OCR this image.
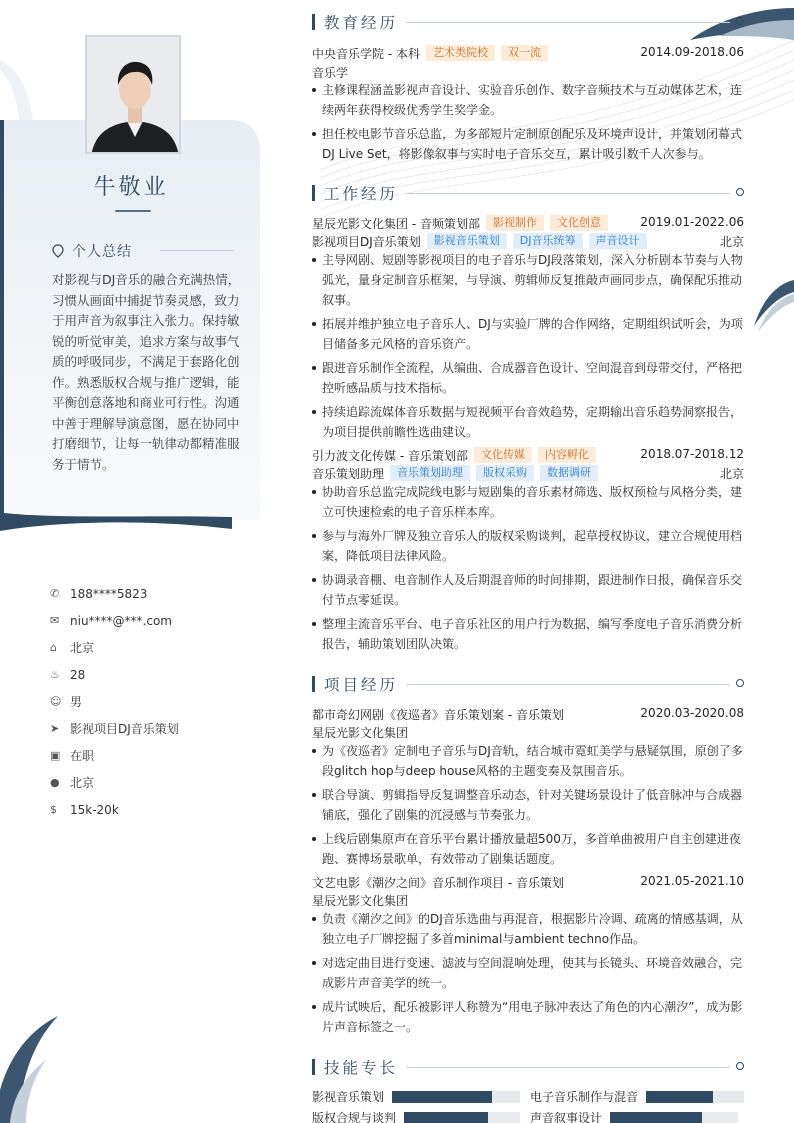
牛敬业
个人总结
对影视与DJ音乐的融合充满热情，习惯从画面中捕捉节奏灵感，致力于用声音为叙事注入张力。保持敏锐的听觉审美，追求方案与故事气质的呼吸同步，不满足于套路化创作。熟悉版权合规与推广逻辑，能平衡创意落地和商业可行性。沟通中善于理解导演意图，愿在协同中打磨细节，让每一轨律动都精准服务于情节。
✆ 188****5823
✉ niu****@***.com
⌂	北京
♨ 28
☺ 男
➤ 影视项目DJ音乐策划
▣ 在职
● 北京
$	15k-20k
教育经历
中央音乐学院 - 本科 艺术类院校 双一流	2014.09-2018.06
音乐学
主修课程涵盖影视声音设计、实验音乐创作、数字音频技术与互动媒体艺术，连续两年获得校级优秀学生奖学金。
担任校电影节音乐总监，为多部短片定制原创配乐及环境声设计，并策划闭幕式DJ Live Set，将影像叙事与实时电子音乐交互，累计吸引数千人次参与。
工作经历
星辰光影文化集团 - 音频策划部 影视制作 文化创意	2019.01-2022.06
影视项目DJ音乐策划 影视音乐策划 DJ音乐统筹 声音设计	北京
主导网剧、短剧等影视项目的电子音乐与DJ段落策划，深入分析剧本节奏与人物弧光，量身定制音乐框架，与导演、剪辑师反复推敲声画同步点，确保配乐推动叙事。
拓展并维护独立电子音乐人、DJ与实验厂牌的合作网络，定期组织试听会，为项目储备多元风格的音乐资产。
跟进音乐制作全流程，从编曲、合成器音色设计、空间混音到母带交付，严格把控听感品质与技术指标。
持续追踪流媒体音乐数据与短视频平台音效趋势，定期输出音乐趋势洞察报告，为项目提供前瞻性选曲建议。
引力波文化传媒 - 音乐策划部 文化传媒 内容孵化	2018.07-2018.12
音乐策划助理 音乐策划助理 版权采购 数据调研	北京
协助音乐总监完成院线电影与短剧集的音乐素材筛选、版权预检与风格分类，建立可快速检索的电子音乐样本库。
参与与海外厂牌及独立音乐人的版权采购谈判，起草授权协议，建立合规使用档案，降低项目法律风险。
协调录音棚、电音制作人及后期混音师的时间排期，跟进制作日报，确保音乐交付节点零延误。
整理主流音乐平台、电子音乐社区的用户行为数据，编写季度电子音乐消费分析报告，辅助策划团队决策。
项目经历
都市奇幻网剧《夜巡者》音乐策划案 - 音乐策划	2020.03-2020.08
星辰光影文化集团
为《夜巡者》定制电子音乐与DJ音轨，结合城市霓虹美学与悬疑氛围，原创了多段glitch hop与deep house风格的主题变奏及氛围音乐。
联合导演、剪辑指导反复调整音乐动态，针对关键场景设计了低音脉冲与合成器铺底，强化了剧集的沉浸感与节奏张力。
上线后剧集原声在音乐平台累计播放量超500万，多首单曲被用户自主创建进夜跑、赛博场景歌单，有效带动了剧集话题度。
文艺电影《潮汐之间》音乐制作项目 - 音乐策划	2021.05-2021.10
星辰光影文化集团
负责《潮汐之间》的DJ音乐选曲与再混音，根据影片冷调、疏离的情感基调，从独立电子厂牌挖掘了多首minimal与ambient techno作品。
对选定曲目进行变速、滤波与空间混响处理，使其与长镜头、环境音效融合，完成影片声音美学的统一。
成片试映后，配乐被影评人称赞为“用电子脉冲表达了角色的内心潮汐”，成为影片声音标签之一。
技能专长
影视音乐策划	电子音乐制作与混音
版权合规与谈判	声音叙事设计
